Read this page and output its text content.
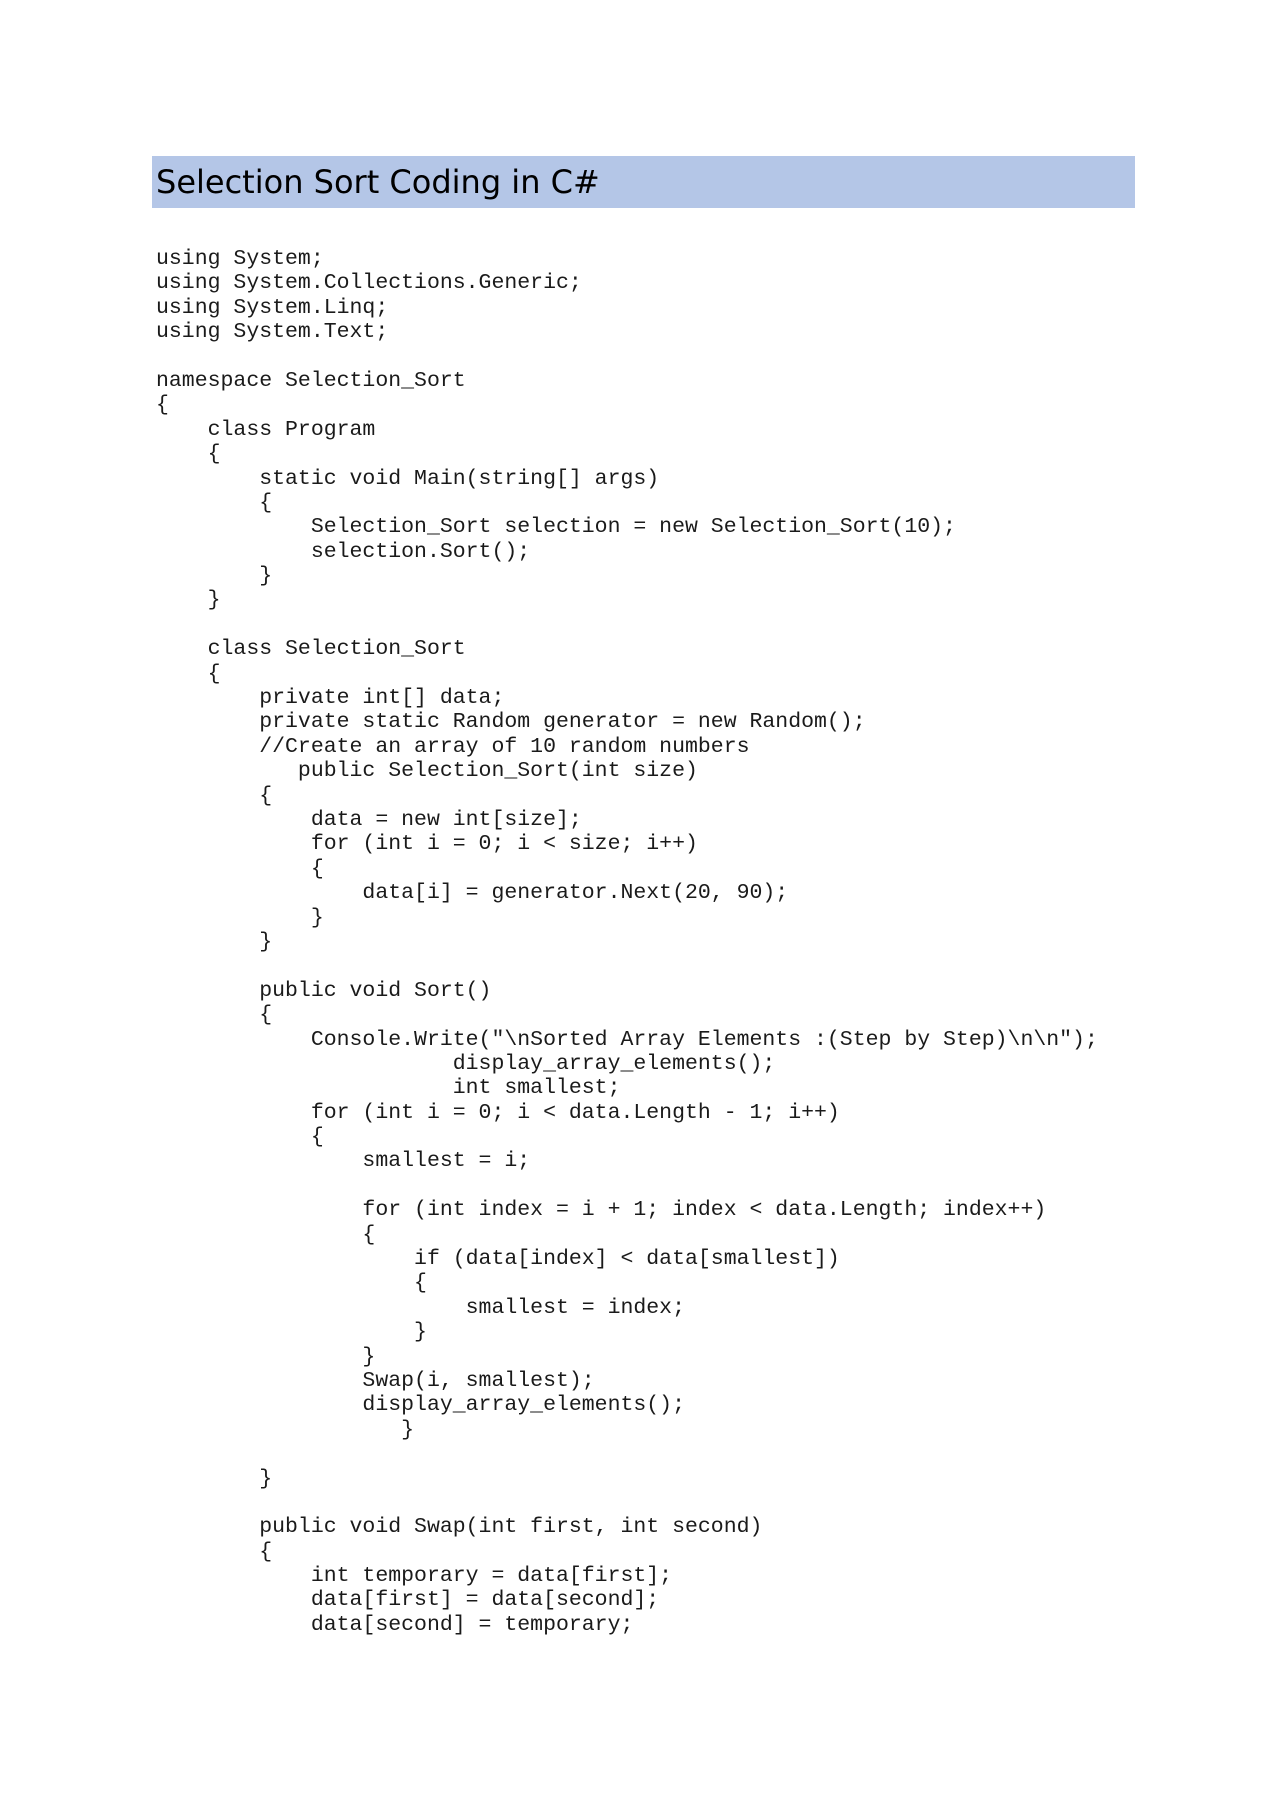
Selection Sort Coding in C#
using System;
using System.Collections.Generic;
using System.Linq;
using System.Text;
namespace Selection_Sort
{
class Program
{
static void Main(string[] args)
{
Selection_Sort selection = new Selection_Sort(10);
selection.Sort();
}
}
class Selection_Sort
{
private int[] data;
private static Random generator = new Random();
//Create an array of 10 random numbers
public Selection_Sort(int size)
{
data = new int[size];
for (int i = 0; i < size; i++)
{
data[i] = generator.Next(20, 90);
}
}
public void Sort()
{
Console.Write("\nSorted Array Elements :(Step by Step)\n\n");
display_array_elements();
int smallest;
for (int i = 0; i < data.Length - 1; i++)
{
smallest = i;
for (int index = i + 1; index < data.Length; index++)
{
if (data[index] < data[smallest])
{
smallest = index;
}
}
Swap(i, smallest);
display_array_elements();
}
}
public void Swap(int first, int second)
{
int temporary = data[first];
data[first] = data[second];
data[second] = temporary;
